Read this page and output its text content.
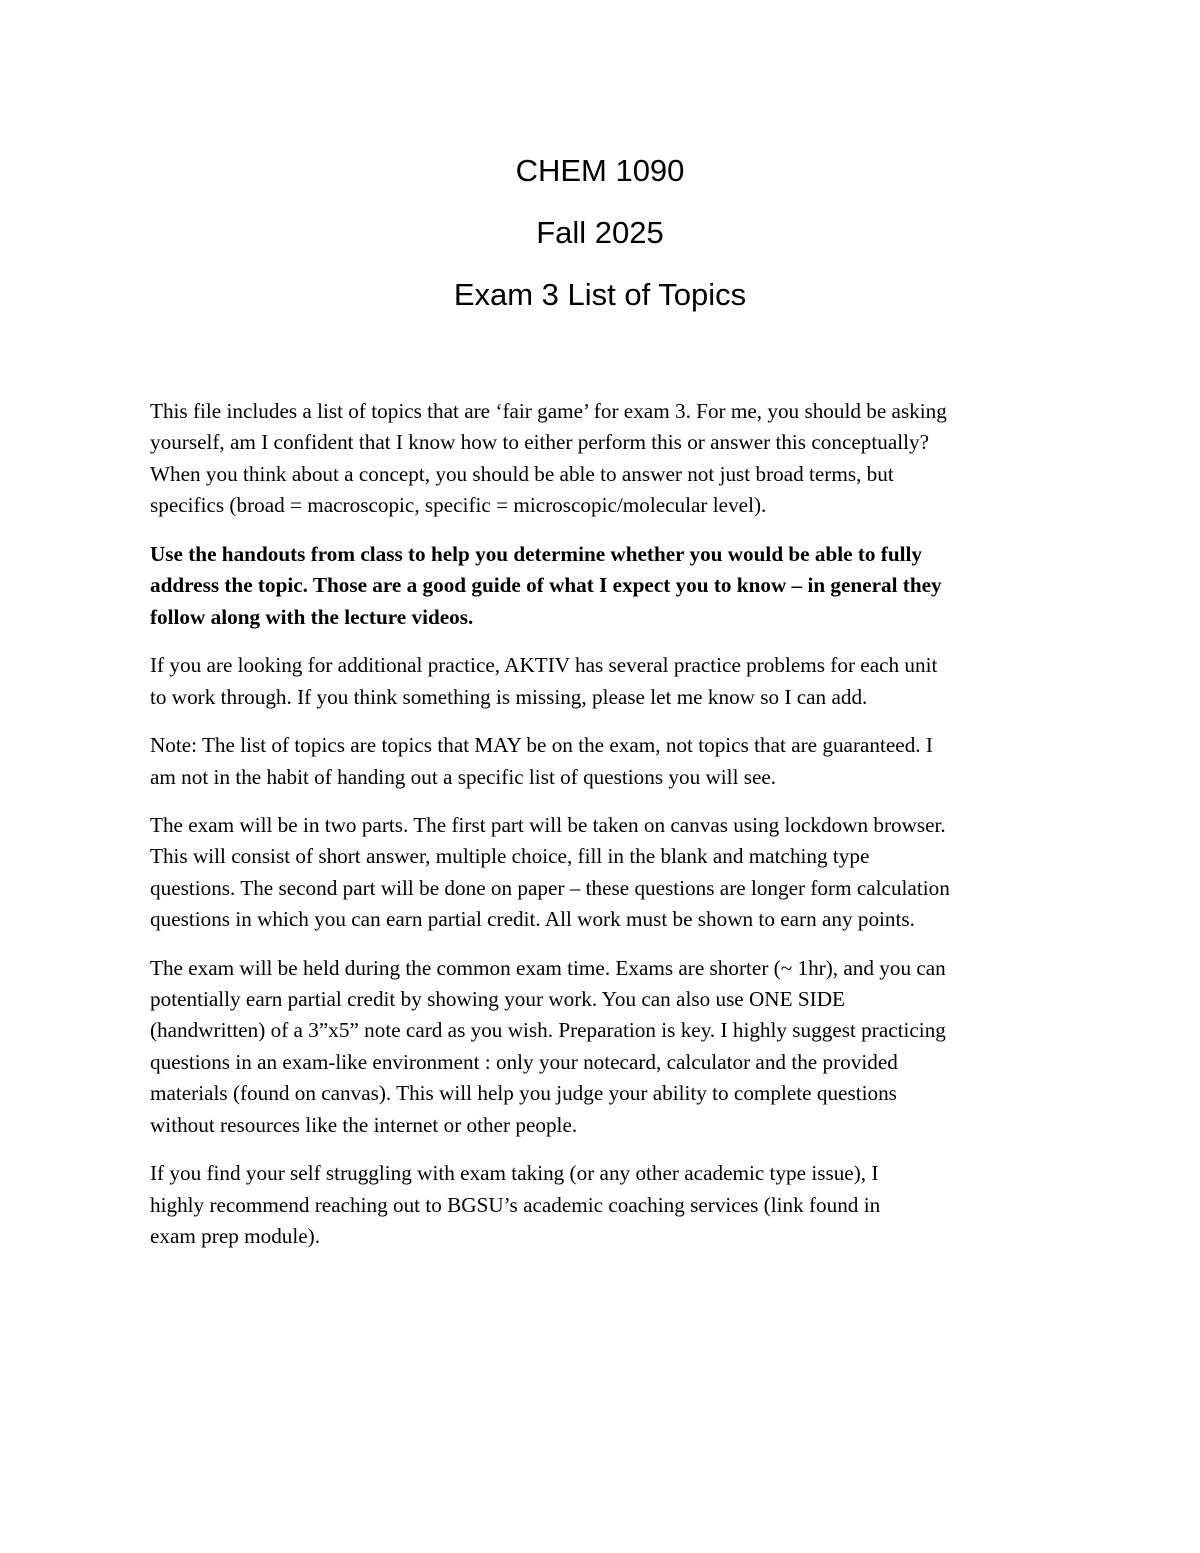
CHEM 1090
Fall 2025
Exam 3 List of Topics

This file includes a list of topics that are ‘fair game’ for exam 3. For me, you should be asking
yourself, am I confident that I know how to either perform this or answer this conceptually?
When you think about a concept, you should be able to answer not just broad terms, but
specifics (broad = macroscopic, specific = microscopic/molecular level).

Use the handouts from class to help you determine whether you would be able to fully
address the topic. Those are a good guide of what I expect you to know – in general they
follow along with the lecture videos.

If you are looking for additional practice, AKTIV has several practice problems for each unit
to work through. If you think something is missing, please let me know so I can add.

Note: The list of topics are topics that MAY be on the exam, not topics that are guaranteed. I
am not in the habit of handing out a specific list of questions you will see.

The exam will be in two parts. The first part will be taken on canvas using lockdown browser.
This will consist of short answer, multiple choice, fill in the blank and matching type
questions. The second part will be done on paper – these questions are longer form calculation
questions in which you can earn partial credit. All work must be shown to earn any points.

The exam will be held during the common exam time. Exams are shorter (~ 1hr), and you can
potentially earn partial credit by showing your work. You can also use ONE SIDE
(handwritten) of a 3”x5” note card as you wish. Preparation is key. I highly suggest practicing
questions in an exam-like environment : only your notecard, calculator and the provided
materials (found on canvas). This will help you judge your ability to complete questions
without resources like the internet or other people.

If you find your self struggling with exam taking (or any other academic type issue), I
highly recommend reaching out to BGSU’s academic coaching services (link found in
exam prep module).
